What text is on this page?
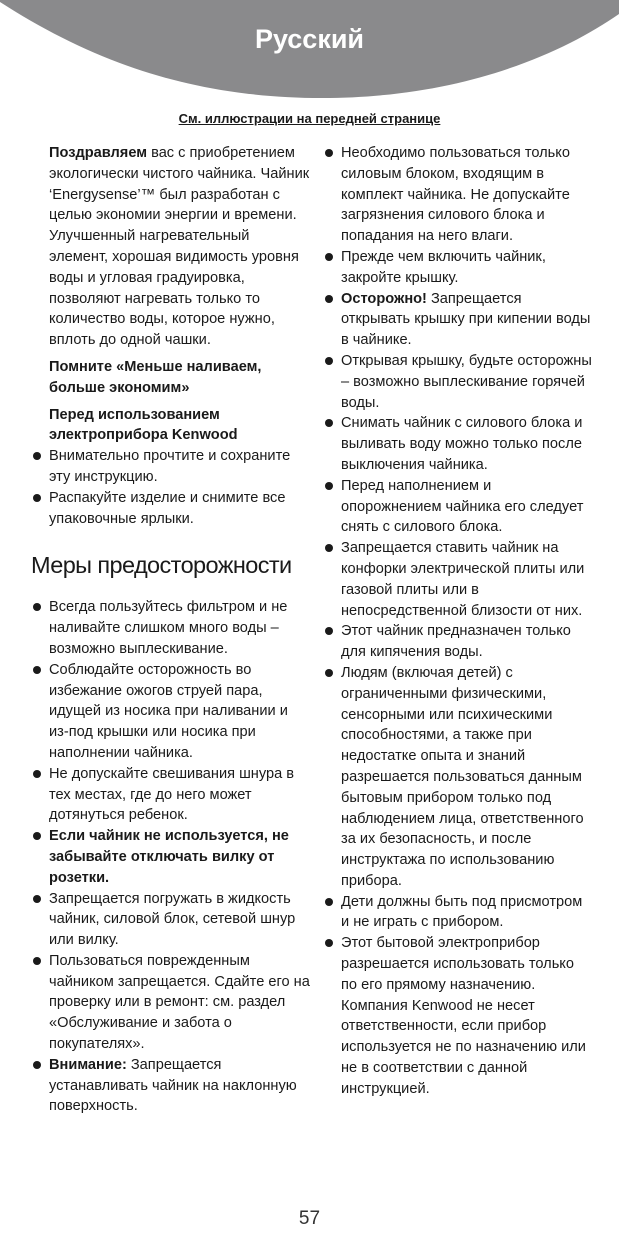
Русский
См. иллюстрации на передней странице

Поздравляем вас с приобретением экологически чистого чайника. Чайник ‘Energysense’™ был разработан с целью экономии энергии и времени. Улучшенный нагревательный элемент, хорошая видимость уровня воды и угловая градуировка, позволяют нагревать только то количество воды, которое нужно, вплоть до одной чашки.

Помните «Меньше наливаем, больше экономим»

Перед использованием электроприбора Kenwood

Внимательно прочтите и сохраните эту инструкцию.
Распакуйте изделие и снимите все упаковочные ярлыки.
Меры предосторожности
Всегда пользуйтесь фильтром и не наливайте слишком много воды – возможно выплескивание.
Соблюдайте осторожность во избежание ожогов струей пара, идущей из носика при наливании и из-под крышки или носика при наполнении чайника.
Не допускайте свешивания шнура в тех местах, где до него может дотянуться ребенок.
Если чайник не используется, не забывайте отключать вилку от розетки.
Запрещается погружать в жидкость чайник, силовой блок, сетевой шнур или вилку.
Пользоваться поврежденным чайником запрещается. Сдайте его на проверку или в ремонт: см. раздел «Обслуживание и забота о покупателях».
Внимание: Запрещается устанавливать чайник на наклонную поверхность.
Необходимо пользоваться только силовым блоком, входящим в комплект чайника. Не допускайте загрязнения силового блока и попадания на него влаги.
Прежде чем включить чайник, закройте крышку.
Осторожно! Запрещается открывать крышку при кипении воды в чайнике.
Открывая крышку, будьте осторожны – возможно выплескивание горячей воды.
Снимать чайник с силового блока и выливать воду можно только после выключения чайника.
Перед наполнением и опорожнением чайника его следует снять с силового блока.
Запрещается ставить чайник на конфорки электрической плиты или газовой плиты или в непосредственной близости от них.
Этот чайник предназначен только для кипячения воды.
Людям (включая детей) с ограниченными физическими, сенсорными или психическими способностями, а также при недостатке опыта и знаний разрешается пользоваться данным бытовым прибором только под наблюдением лица, ответственного за их безопасность, и после инструктажа по использованию прибора.
Дети должны быть под присмотром и не играть с прибором.
Этот бытовой электроприбор разрешается использовать только по его прямому назначению. Компания Kenwood не несет ответственности, если прибор используется не по назначению или не в соответствии с данной инструкцией.
57
